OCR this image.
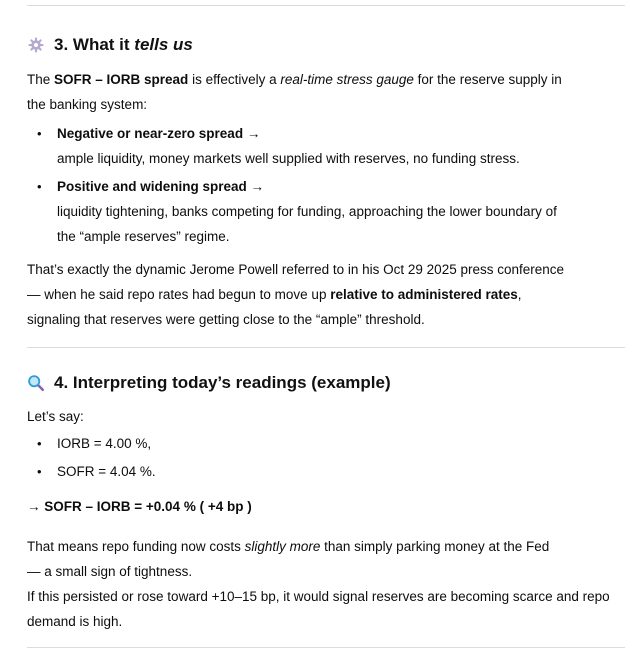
3. What it tells us

The SOFR – IORB spread is effectively a real-time stress gauge for the reserve supply in
the banking system:

• Negative or near-zero spread →
ample liquidity, money markets well supplied with reserves, no funding stress.
• Positive and widening spread →
liquidity tightening, banks competing for funding, approaching the lower boundary of
the “ample reserves” regime.

That’s exactly the dynamic Jerome Powell referred to in his Oct 29 2025 press conference
— when he said repo rates had begun to move up relative to administered rates,
signaling that reserves were getting close to the “ample” threshold.

4. Interpreting today’s readings (example)

Let’s say:

• IORB = 4.00 %,
• SOFR = 4.04 %.

→ SOFR – IORB = +0.04 % ( +4 bp )

That means repo funding now costs slightly more than simply parking money at the Fed
— a small sign of tightness.
If this persisted or rose toward +10–15 bp, it would signal reserves are becoming scarce and repo demand is high.
